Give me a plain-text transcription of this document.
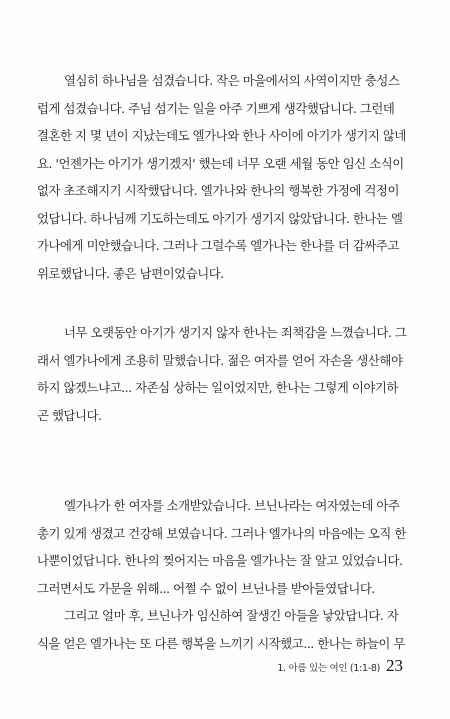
열심히 하나님을 섬겼습니다. 작은 마을에서의 사역이지만 충성스
럽게 섬겼습니다. 주님 섬기는 일을 아주 기쁘게 생각했답니다. 그런데
결혼한 지 몇 년이 지났는데도 엘가나와 한나 사이에 아기가 생기지 않네
요. '언젠가는 아기가 생기겠지' 했는데 너무 오랜 세월 동안 임신 소식이
없자 초조해지기 시작했답니다. 엘가나와 한나의 행복한 가정에 걱정이
었답니다. 하나님께 기도하는데도 아기가 생기지 않았답니다. 한나는 엘
가나에게 미안했습니다. 그러나 그럴수록 엘가나는 한나를 더 감싸주고
위로했답니다. 좋은 남편이었습니다.
너무 오랫동안 아기가 생기지 않자 한나는 죄책감을 느꼈습니다. 그
래서 엘가나에게 조용히 말했습니다. 젊은 여자를 얻어 자손을 생산해야
하지 않겠느냐고... 자존심 상하는 일이었지만, 한나는 그렇게 이야기하
곤 했답니다.
엘가나가 한 여자를 소개받았습니다. 브닌나라는 여자였는데 아주
총기 있게 생겼고 건강해 보였습니다. 그러나 엘가나의 마음에는 오직 한
나뿐이었답니다. 한나의 찢어지는 마음을 엘가나는 잘 알고 있었습니다.
그러면서도 가문을 위해... 어쩔 수 없이 브닌나를 받아들였답니다.
그리고 얼마 후, 브닌나가 임신하여 잘생긴 아들을 낳았답니다. 자
식을 얻은 엘가나는 또 다른 행복을 느끼기 시작했고... 한나는 하늘이 무
1. 아름 있는 여인 (1:1-8) 23
